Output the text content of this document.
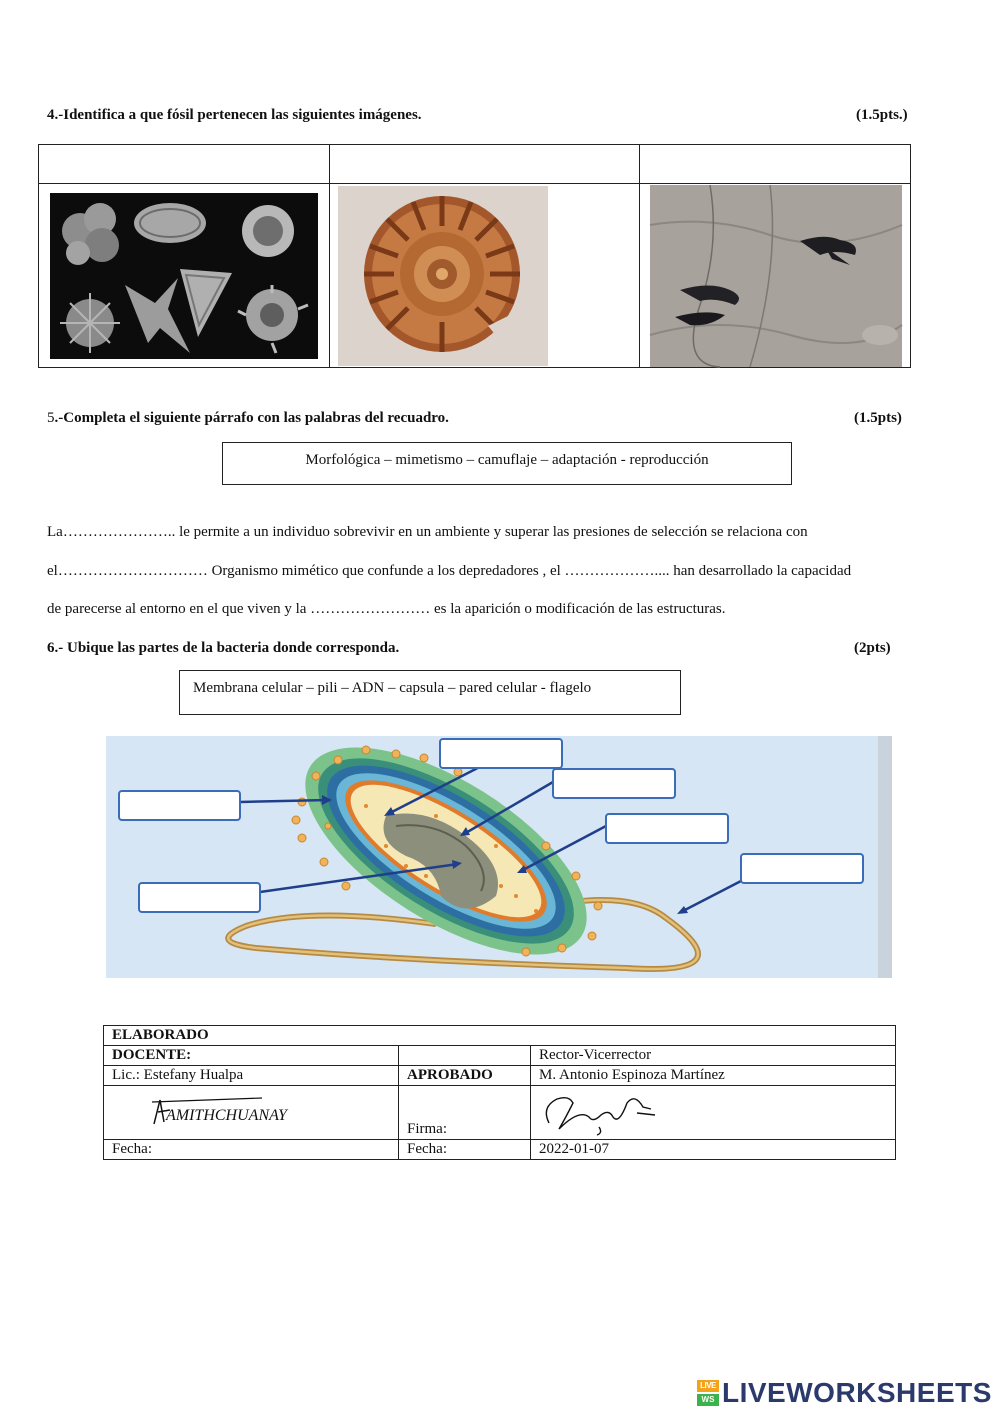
4.-Identifica a que fósil pertenecen las siguientes imágenes.	(1.5pts.)

5.-Completa el siguiente párrafo con las palabras del recuadro.	(1.5pts)
Morfológica – mimetismo – camuflaje – adaptación - reproducción
La………………….. le permite a un individuo sobrevivir en un ambiente y superar las presiones de selección se relaciona con
el………………………… Organismo mimético que confunde a los depredadores , el ……………….... han desarrollado la capacidad
de parecerse al entorno en el que viven y la …………………… es la aparición o modificación de las estructuras.
6.- Ubique las partes de la bacteria donde corresponda.	(2pts)
Membrana celular – pili – ADN – capsula – pared celular - flagelo
ELABORADO		
DOCENTE:		Rector-Vicerrector
Lic.: Estefany Hualpa	APROBADO	M. Antonio Espinoza Martínez

AMITHCHUANAY	Firma:	

Fecha:	Fecha:	2022-01-07
LIVE
WS LIVEWORKSHEETS
